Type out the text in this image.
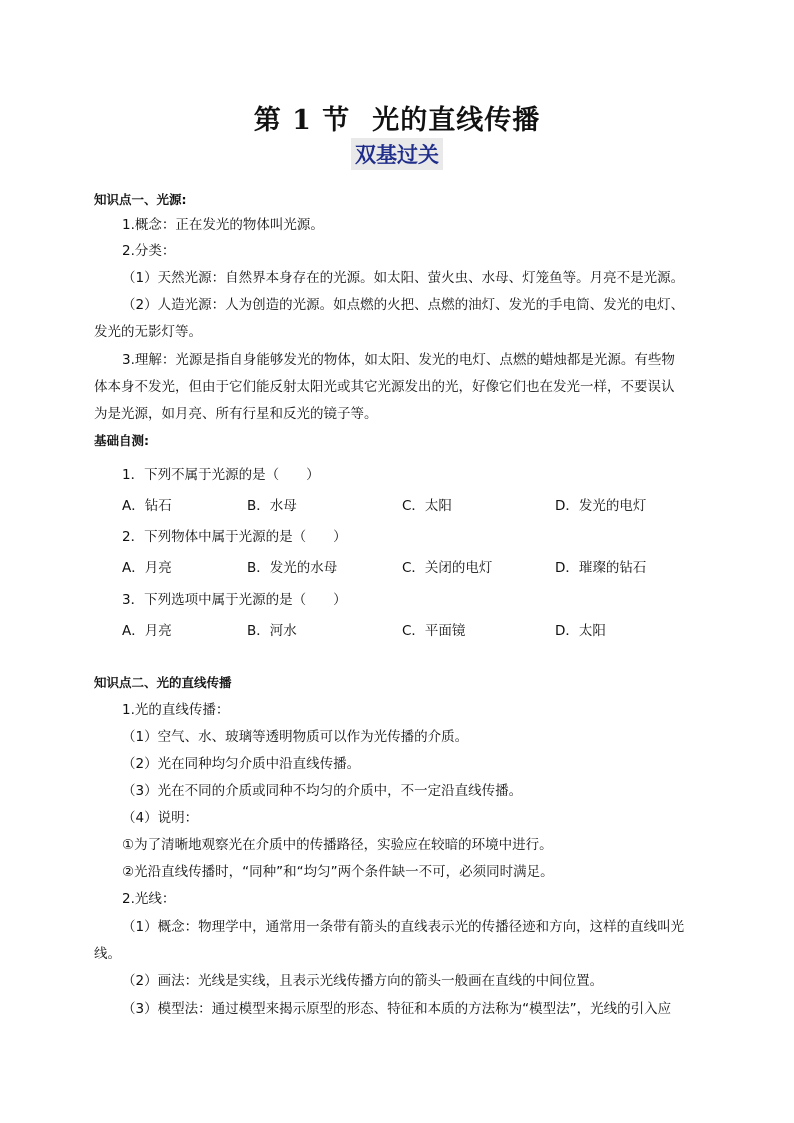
第 1 节 光的直线传播
双基过关
知识点一、光源:
1.概念：正在发光的物体叫光源。
2.分类：
（1）天然光源：自然界本身存在的光源。如太阳、萤火虫、水母、灯笼鱼等。月亮不是光源。
（2）人造光源：人为创造的光源。如点燃的火把、点燃的油灯、发光的手电筒、发光的电灯、
发光的无影灯等。
3.理解：光源是指自身能够发光的物体，如太阳、发光的电灯、点燃的蜡烛都是光源。有些物
体本身不发光，但由于它们能反射太阳光或其它光源发出的光，好像它们也在发光一样，不要误认
为是光源，如月亮、所有行星和反光的镜子等。
基础自测:
1．下列不属于光源的是（　　）
A．钻石	B．水母	C．太阳	D．发光的电灯
2．下列物体中属于光源的是（　　）
A．月亮	B．发光的水母	C．关闭的电灯	D．璀璨的钻石
3．下列选项中属于光源的是（　　）
A．月亮	B．河水	C．平面镜	D．太阳
知识点二、光的直线传播
1.光的直线传播：
（1）空气、水、玻璃等透明物质可以作为光传播的介质。
（2）光在同种均匀介质中沿直线传播。
（3）光在不同的介质或同种不均匀的介质中，不一定沿直线传播。
（4）说明：
①为了清晰地观察光在介质中的传播路径，实验应在较暗的环境中进行。
②光沿直线传播时，“同种”和“均匀”两个条件缺一不可，必须同时满足。
2.光线：
（1）概念：物理学中，通常用一条带有箭头的直线表示光的传播径迹和方向，这样的直线叫光
线。
（2）画法：光线是实线，且表示光线传播方向的箭头一般画在直线的中间位置。
（3）模型法：通过模型来揭示原型的形态、特征和本质的方法称为“模型法”，光线的引入应
